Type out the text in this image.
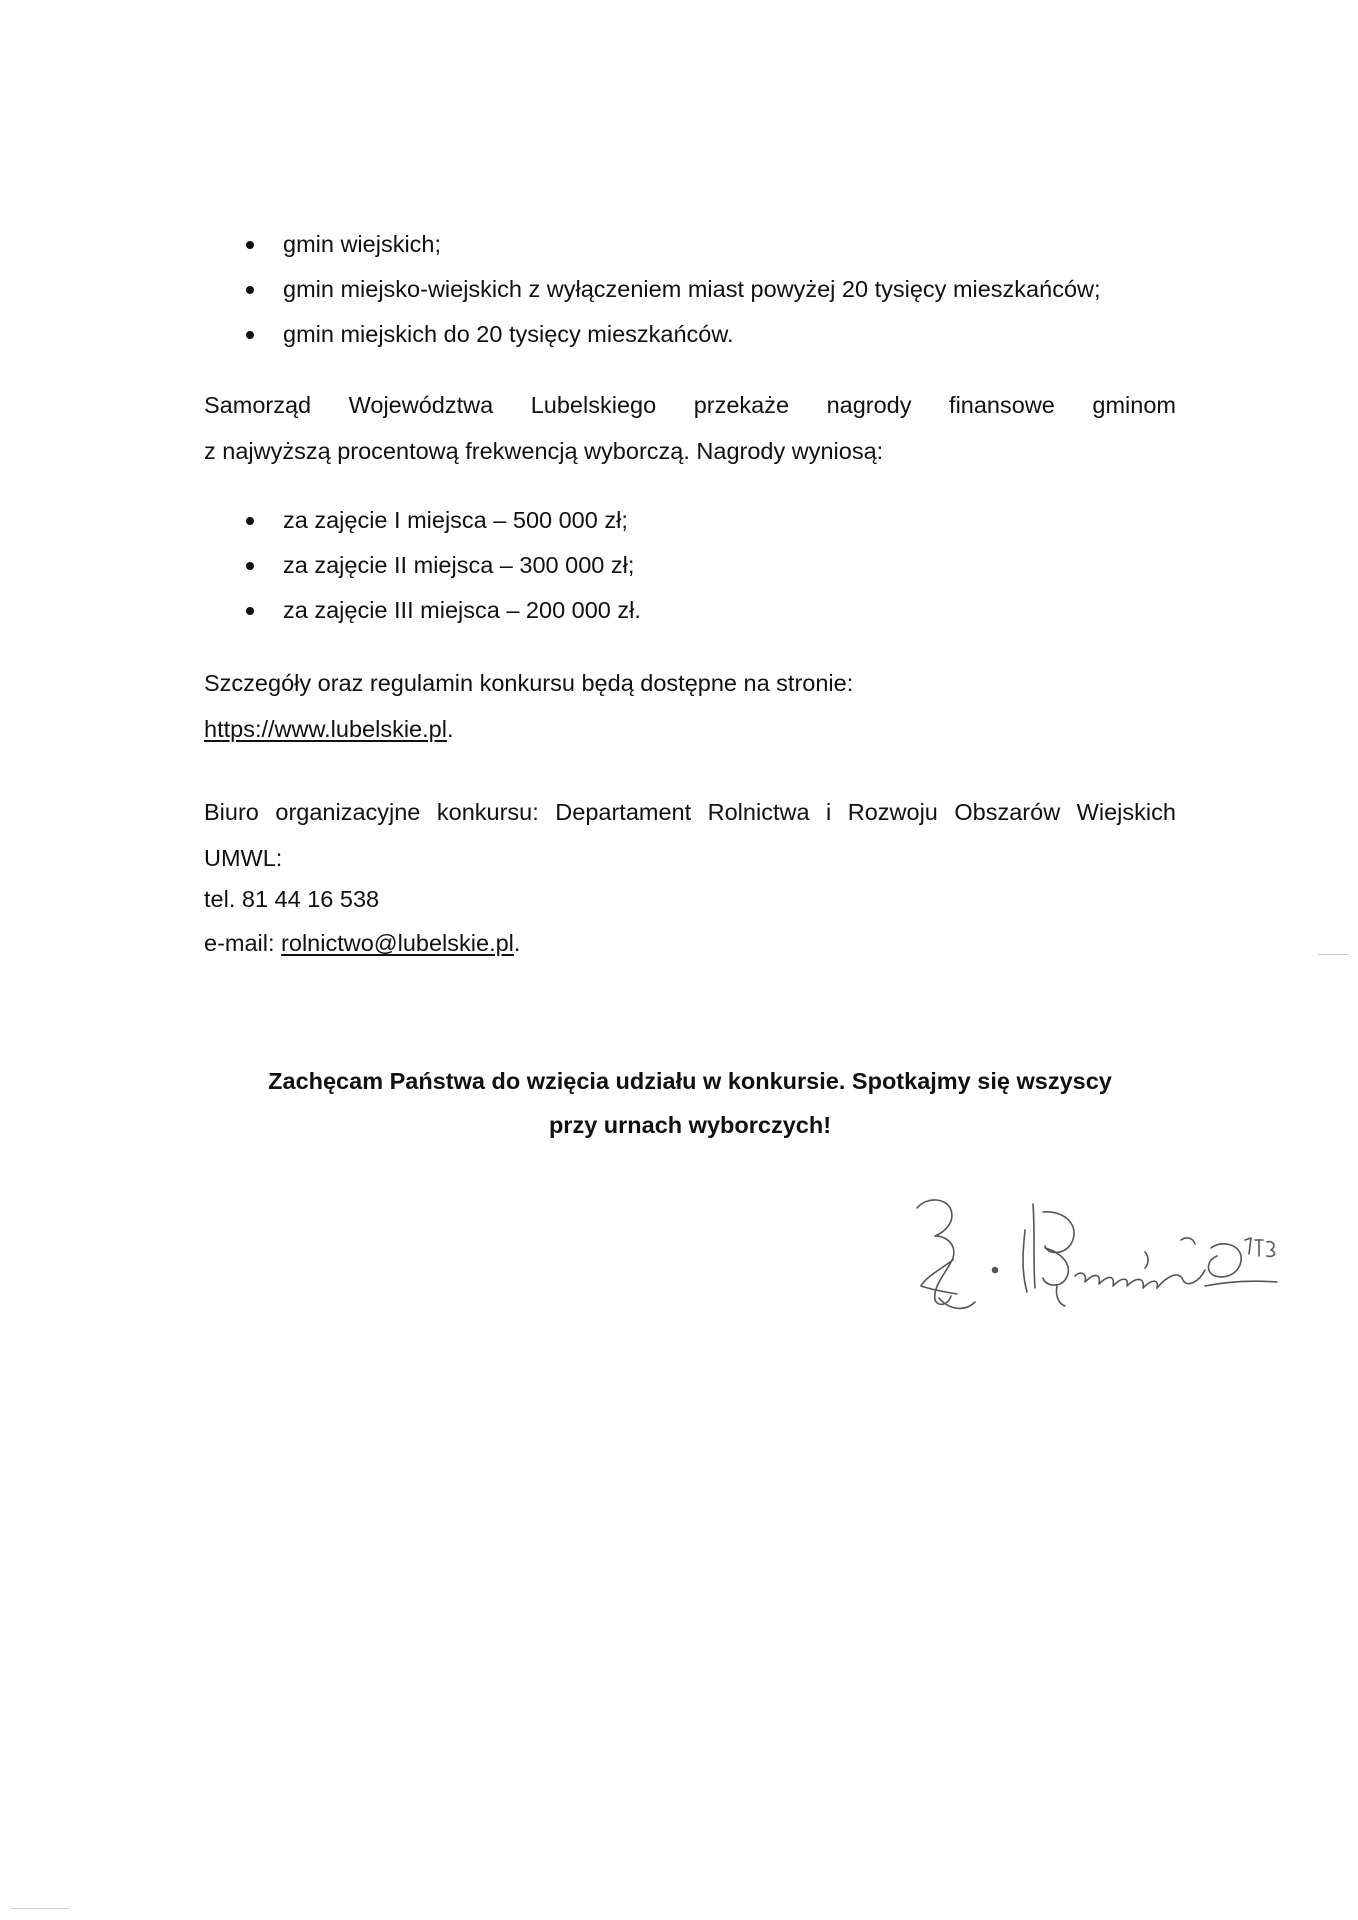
gmin wiejskich;
gmin miejsko-wiejskich z wyłączeniem miast powyżej 20 tysięcy mieszkańców;
gmin miejskich do 20 tysięcy mieszkańców.
Samorząd Województwa Lubelskiego przekaże nagrody finansowe gminom
z najwyższą procentową frekwencją wyborczą. Nagrody wyniosą:
za zajęcie I miejsca – 500 000 zł;
za zajęcie II miejsca – 300 000 zł;
za zajęcie III miejsca – 200 000 zł.
Szczegóły oraz regulamin konkursu będą dostępne na stronie:
https://www.lubelskie.pl.
Biuro organizacyjne konkursu: Departament Rolnictwa i Rozwoju Obszarów Wiejskich
UMWL:
tel. 81 44 16 538
e-mail: rolnictwo@lubelskie.pl.
Zachęcam Państwa do wzięcia udziału w konkursie. Spotkajmy się wszyscy
przy urnach wyborczych!
